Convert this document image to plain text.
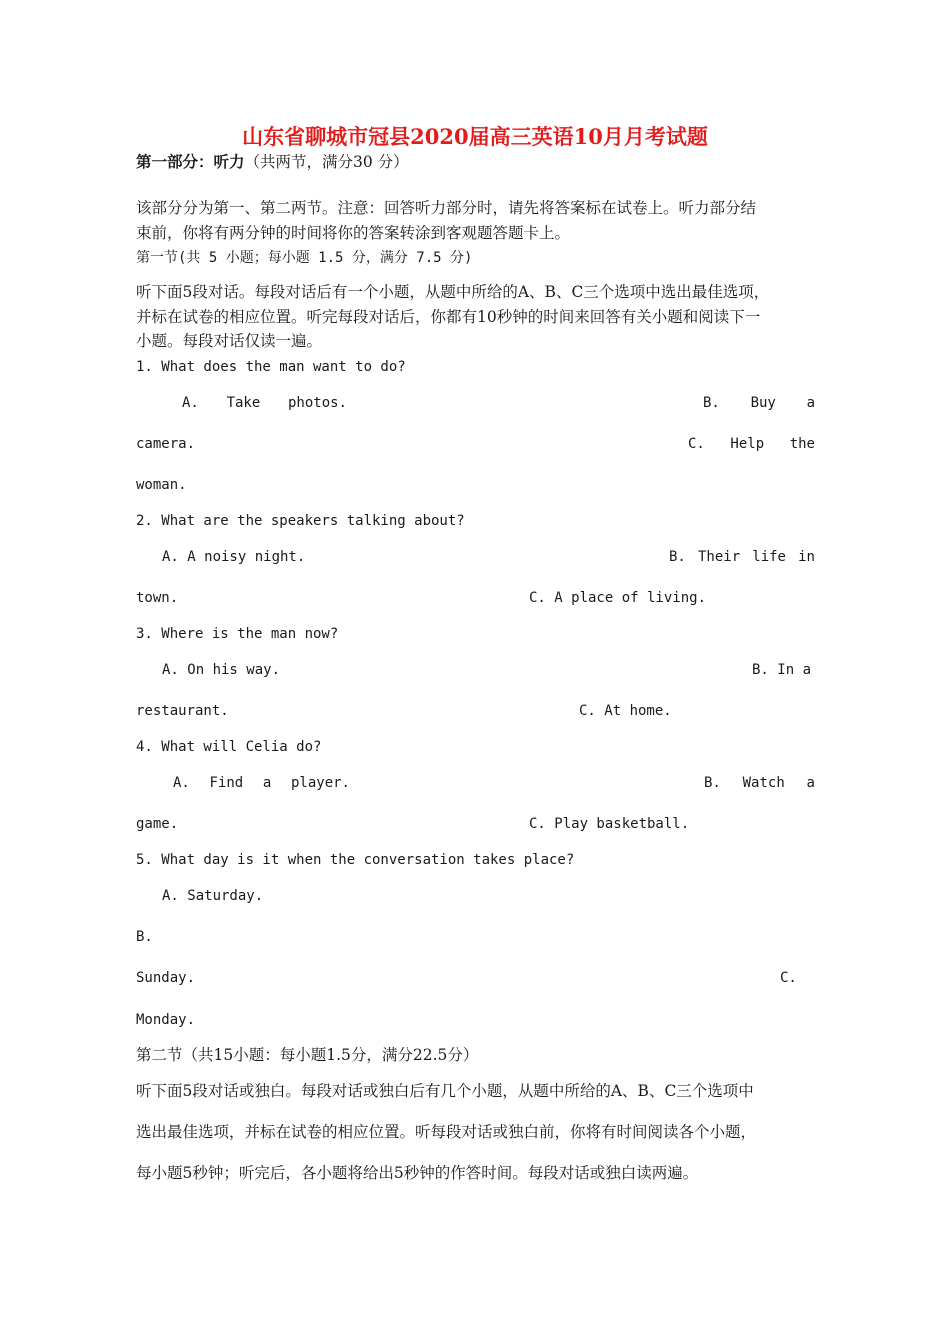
山东省聊城市冠县2020届高三英语10月月考试题
第一部分：听力（共两节，满分30 分）
该部分分为第一、第二两节。注意：回答听力部分时，请先将答案标在试卷上。听力部分结
束前，你将有两分钟的时间将你的答案转涂到客观题答题卡上。
第一节(共 5 小题；每小题 1.5 分，满分 7.5 分)
听下面5段对话。每段对话后有一个小题，从题中所给的A、B、C三个选项中选出最佳选项，
并标在试卷的相应位置。听完每段对话后，你都有10秒钟的时间来回答有关小题和阅读下一
小题。每段对话仅读一遍。
1. What does the man want to do?
A. Take photos.	B. Buy a
camera.	C. Help the
woman.
2. What are the speakers talking about?
A. A noisy night.	B. Their life in
town.	C. A place of living.
3. Where is the man now?
A. On his way.	B. In a
restaurant.	C. At home.
4. What will Celia do?
A. Find a player.	B. Watch a
game.	C. Play basketball.
5. What day is it when the conversation takes place?
A. Saturday.
B.
Sunday.	C.
Monday.
第二节（共15小题：每小题1.5分，满分22.5分）
听下面5段对话或独白。每段对话或独白后有几个小题，从题中所给的A、B、C三个选项中
选出最佳选项，并标在试卷的相应位置。听每段对话或独白前，你将有时间阅读各个小题，
每小题5秒钟；听完后，各小题将给出5秒钟的作答时间。每段对话或独白读两遍。
